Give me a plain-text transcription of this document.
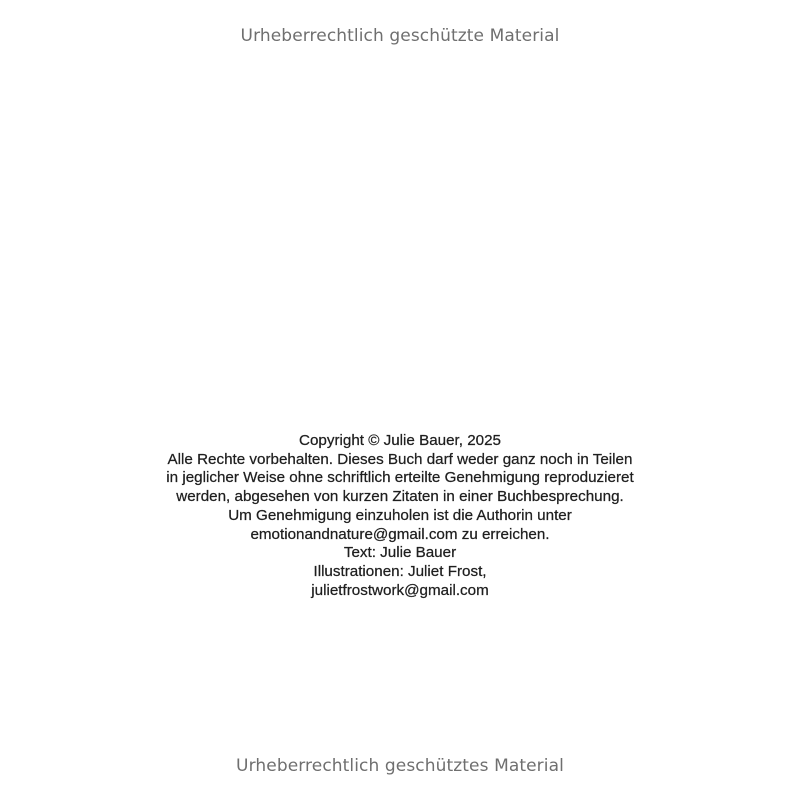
Urheberrechtlich geschützte Material

Copyright © Julie Bauer, 2025

Alle Rechte vorbehalten. Dieses Buch darf weder ganz noch in Teilen
in jeglicher Weise ohne schriftlich erteilte Genehmigung reproduzieret
werden, abgesehen von kurzen Zitaten in einer Buchbesprechung.
Um Genehmigung einzuholen ist die Authorin unter
emotionandnature@gmail.com zu erreichen.

Text: Julie Bauer

Illustrationen: Juliet Frost,
julietfrostwork@gmail.com

Urheberrechtlich geschütztes Material
